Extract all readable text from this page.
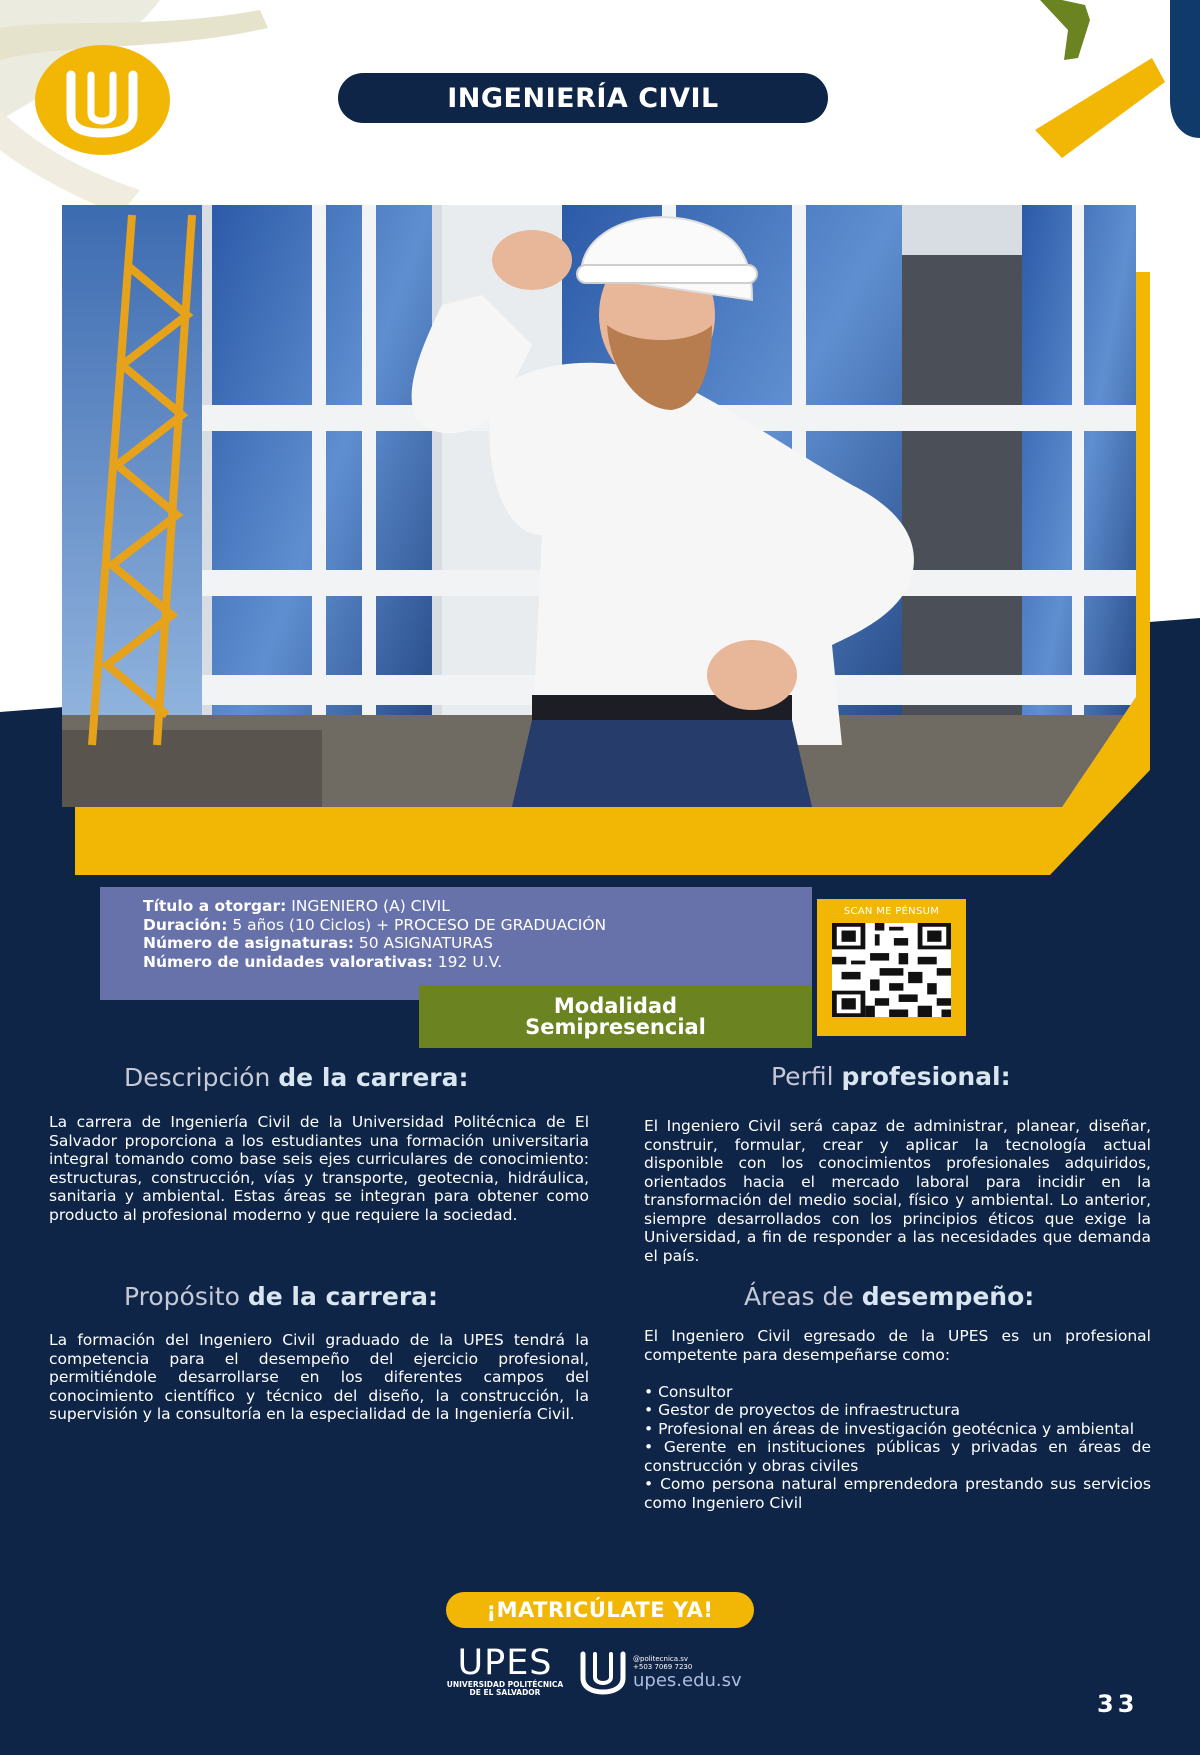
INGENIERÍA CIVIL
Título a otorgar: INGENIERO (A) CIVIL
Duración: 5 años (10 Ciclos) + PROCESO DE GRADUACIÓN
Número de asignaturas: 50 ASIGNATURAS
Número de unidades valorativas: 192 U.V.
Modalidad
Semipresencial
SCAN ME PÉNSUM
Descripción de la carrera:
La carrera de Ingeniería Civil de la Universidad Politécnica de El Salvador proporciona a los estudiantes una formación universitaria integral tomando como base seis ejes curriculares de conocimiento: estructuras, construcción, vías y transporte, geotecnia, hidráulica, sanitaria y ambiental. Estas áreas se integran para obtener como producto al profesional moderno y que requiere la sociedad.
Perfil profesional:
El Ingeniero Civil será capaz de administrar, planear, diseñar, construir, formular, crear y aplicar la tecnología actual disponible con los conocimientos profesionales adquiridos, orientados hacia el mercado laboral para incidir en la transformación del medio social, físico y ambiental. Lo anterior, siempre desarrollados con los principios éticos que exige la Universidad, a fin de responder a las necesidades que demanda el país.
Propósito de la carrera:
La formación del Ingeniero Civil graduado de la UPES tendrá la competencia para el desempeño del ejercicio profesional, permitiéndole desarrollarse en los diferentes campos del conocimiento científico y técnico del diseño, la construcción, la supervisión y la consultoría en la especialidad de la Ingeniería Civil.
Áreas de desempeño:

El Ingeniero Civil egresado de la UPES es un profesional competente para desempeñarse como:

• Consultor

• Gestor de proyectos de infraestructura

• Profesional en áreas de investigación geotécnica y ambiental

• Gerente en instituciones públicas y privadas en áreas de construcción y obras civiles

• Como persona natural emprendedora prestando sus servicios como Ingeniero Civil

¡MATRICÚLATE YA!
UPES
UNIVERSIDAD POLITÉCNICA
DE EL SALVADOR
@politecnica.sv
+503 7069 7230
upes.edu.sv
33
